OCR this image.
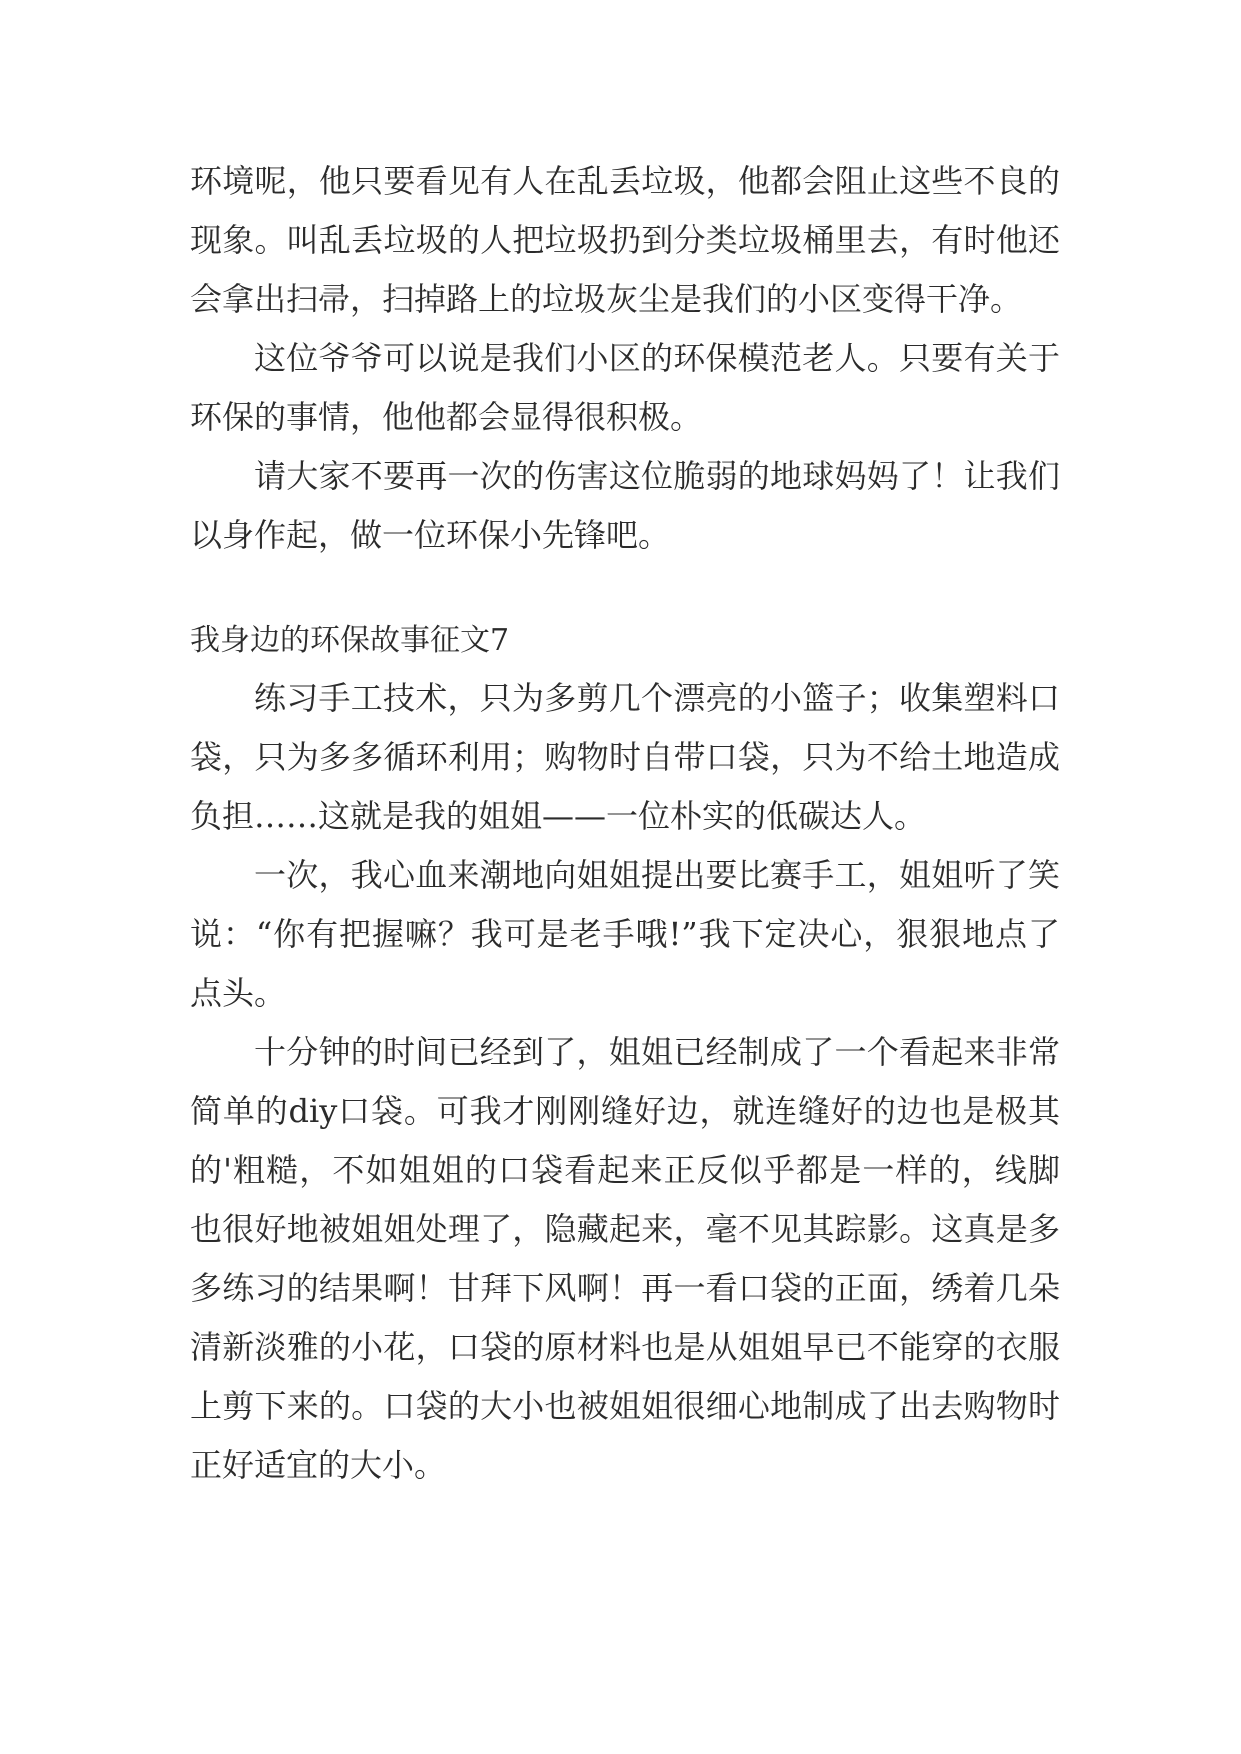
环境呢，他只要看见有人在乱丢垃圾，他都会阻止这些不良的现象。叫乱丢垃圾的人把垃圾扔到分类垃圾桶里去，有时他还会拿出扫帚，扫掉路上的垃圾灰尘是我们的小区变得干净。

这位爷爷可以说是我们小区的环保模范老人。只要有关于环保的事情，他他都会显得很积极。

请大家不要再一次的伤害这位脆弱的地球妈妈了！让我们以身作起，做一位环保小先锋吧。

我身边的环保故事征文7

练习手工技术，只为多剪几个漂亮的小篮子；收集塑料口袋，只为多多循环利用；购物时自带口袋，只为不给土地造成负担……这就是我的姐姐——一位朴实的低碳达人。

一次，我心血来潮地向姐姐提出要比赛手工，姐姐听了笑说：“你有把握嘛？我可是老手哦!”我下定决心，狠狠地点了点头。

十分钟的时间已经到了，姐姐已经制成了一个看起来非常简单的diy口袋。可我才刚刚缝好边，就连缝好的边也是极其的'粗糙，不如姐姐的口袋看起来正反似乎都是一样的，线脚也很好地被姐姐处理了，隐藏起来，毫不见其踪影。这真是多多练习的结果啊！甘拜下风啊！再一看口袋的正面，绣着几朵清新淡雅的小花，口袋的原材料也是从姐姐早已不能穿的衣服上剪下来的。口袋的大小也被姐姐很细心地制成了出去购物时正好适宜的大小。
